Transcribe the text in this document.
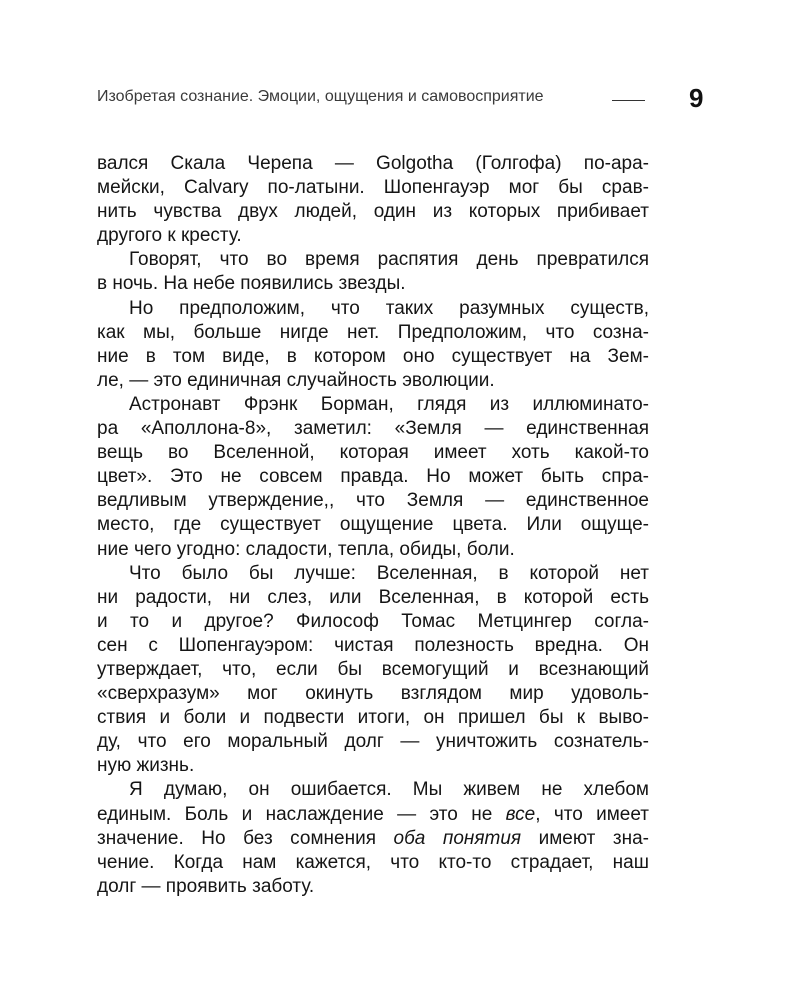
Изобретая сознание. Эмоции, ощущения и самовосприятие	9

вался Скала Черепа — Golgotha (Голгофа) по-ара-
мейски, Calvary по-латыни. Шопенгауэр мог бы срав-
нить чувства двух людей, один из которых прибивает
другого к кресту.

Говорят, что во время распятия день превратился
в ночь. На небе появились звезды.

Но предположим, что таких разумных существ,
как мы, больше нигде нет. Предположим, что созна-
ние в том виде, в котором оно существует на Зем-
ле, — это единичная случайность эволюции.

Астронавт Фрэнк Борман, глядя из иллюминато-
ра «Аполлона-8», заметил: «Земля — единственная
вещь во Вселенной, которая имеет хоть какой-то
цвет». Это не совсем правда. Но может быть спра-
ведливым утверждение,, что Земля — единственное
место, где существует ощущение цвета. Или ощуще-
ние чего угодно: сладости, тепла, обиды, боли.

Что было бы лучше: Вселенная, в которой нет
ни радости, ни слез, или Вселенная, в которой есть
и то и другое? Философ Томас Метцингер согла-
сен с Шопенгауэром: чистая полезность вредна. Он
утверждает, что, если бы всемогущий и всезнающий
«сверхразум» мог окинуть взглядом мир удоволь-
ствия и боли и подвести итоги, он пришел бы к выво-
ду, что его моральный долг — уничтожить сознатель-
ную жизнь.

Я думаю, он ошибается. Мы живем не хлебом
единым. Боль и наслаждение — это не все, что имеет
значение. Но без сомнения оба понятия имеют зна-
чение. Когда нам кажется, что кто-то страдает, наш
долг — проявить заботу.
